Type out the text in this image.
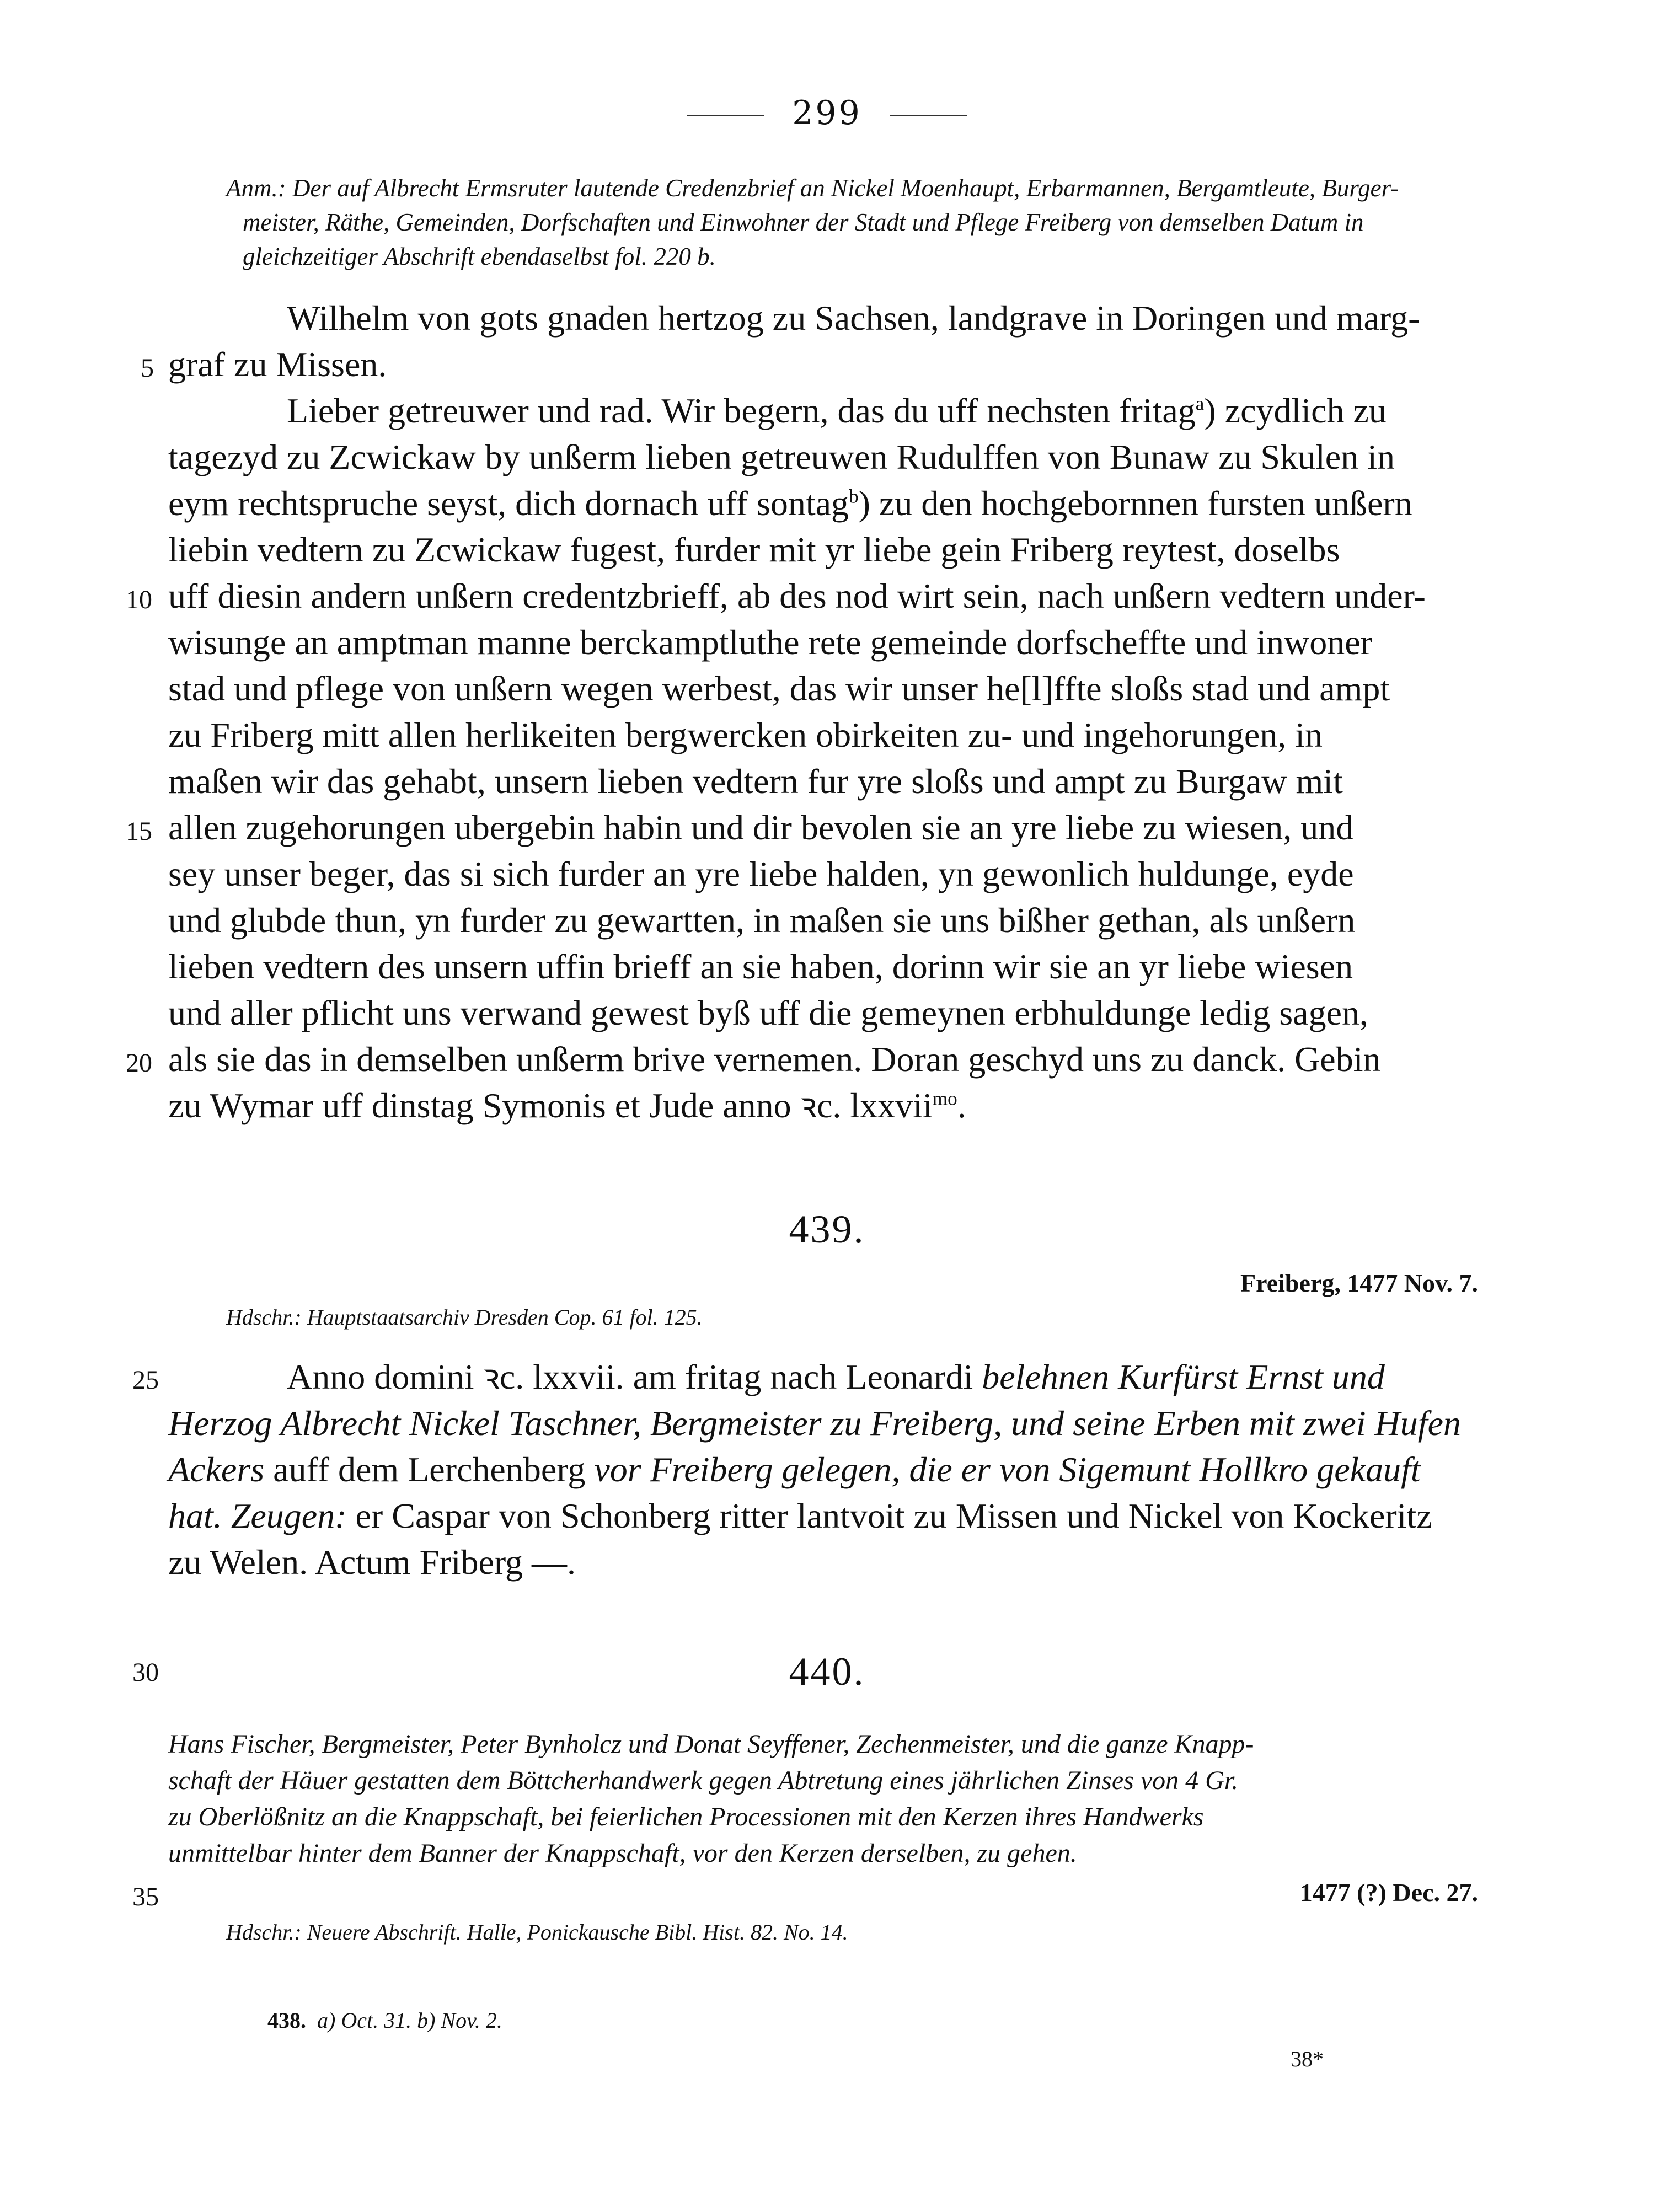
299
Anm.: Der auf Albrecht Ermsruter lautende Credenzbrief an Nickel Moenhaupt, Erbarmannen, Bergamtleute, Burger-
meister, Räthe, Gemeinden, Dorfschaften und Einwohner der Stadt und Pflege Freiberg von demselben Datum in
gleichzeitiger Abschrift ebendaselbst fol. 220 b.
Wilhelm von gots gnaden hertzog zu Sachsen, landgrave in Doringen und marg-
graf zu Missen.
Lieber getreuwer und rad. Wir begern, das du uff nechsten fritag$^a$) zcydlich zu
tagezyd zu Zcwickaw by unßerm lieben getreuwen Rudulffen von Bunaw zu Skulen in
eym rechtspruche seyst, dich dornach uff sontag$^b$) zu den hochgebornnen fursten unßern
liebin vedtern zu Zcwickaw fugest, furder mit yr liebe gein Friberg reytest, doselbs
uff diesin andern unßern credentzbrieff, ab des nod wirt sein, nach unßern vedtern under-
wisunge an amptman manne berckamptluthe rete gemeinde dorfscheffte und inwoner
stad und pflege von unßern wegen werbest, das wir unser he[l]ffte sloßs stad und ampt
zu Friberg mitt allen herlikeiten bergwercken obirkeiten zu- und ingehorungen, in
maßen wir das gehabt, unsern lieben vedtern fur yre sloßs und ampt zu Burgaw mit
allen zugehorungen ubergebin habin und dir bevolen sie an yre liebe zu wiesen, und
sey unser beger, das si sich furder an yre liebe halden, yn gewonlich huldunge, eyde
und glubde thun, yn furder zu gewartten, in maßen sie uns bißher gethan, als unßern
lieben vedtern des unsern uffin brieff an sie haben, dorinn wir sie an yr liebe wiesen
und aller pflicht uns verwand gewest byß uff die gemeynen erbhuldunge ledig sagen,
als sie das in demselben unßerm brive vernemen. Doran geschyd uns zu danck. Gebin
zu Wymar uff dinstag Symonis et Jude anno ꝛc. lxxvii$^{mo}$.
439.
Freiberg, 1477 Nov. 7.
Hdschr.: Hauptstaatsarchiv Dresden Cop. 61 fol. 125.
Anno domini ꝛc. lxxvii. am fritag nach Leonardi belehnen Kurfürst Ernst und
Herzog Albrecht Nickel Taschner, Bergmeister zu Freiberg, und seine Erben mit zwei Hufen
Ackers auff dem Lerchenberg vor Freiberg gelegen, die er von Sigemunt Hollkro gekauft
hat. Zeugen: er Caspar von Schonberg ritter lantvoit zu Missen und Nickel von Kockeritz
zu Welen. Actum Friberg —.
440.
Hans Fischer, Bergmeister, Peter Bynholcz und Donat Seyffener, Zechenmeister, und die ganze Knapp-
schaft der Häuer gestatten dem Böttcherhandwerk gegen Abtretung eines jährlichen Zinses von 4 Gr.
zu Oberlößnitz an die Knappschaft, bei feierlichen Processionen mit den Kerzen ihres Handwerks
unmittelbar hinter dem Banner der Knappschaft, vor den Kerzen derselben, zu gehen.
1477 (?) Dec. 27.
Hdschr.: Neuere Abschrift. Halle, Ponickausche Bibl. Hist. 82. No. 14.
5
10
15
20
25
30
35
438. a) Oct. 31. b) Nov. 2.
38*
